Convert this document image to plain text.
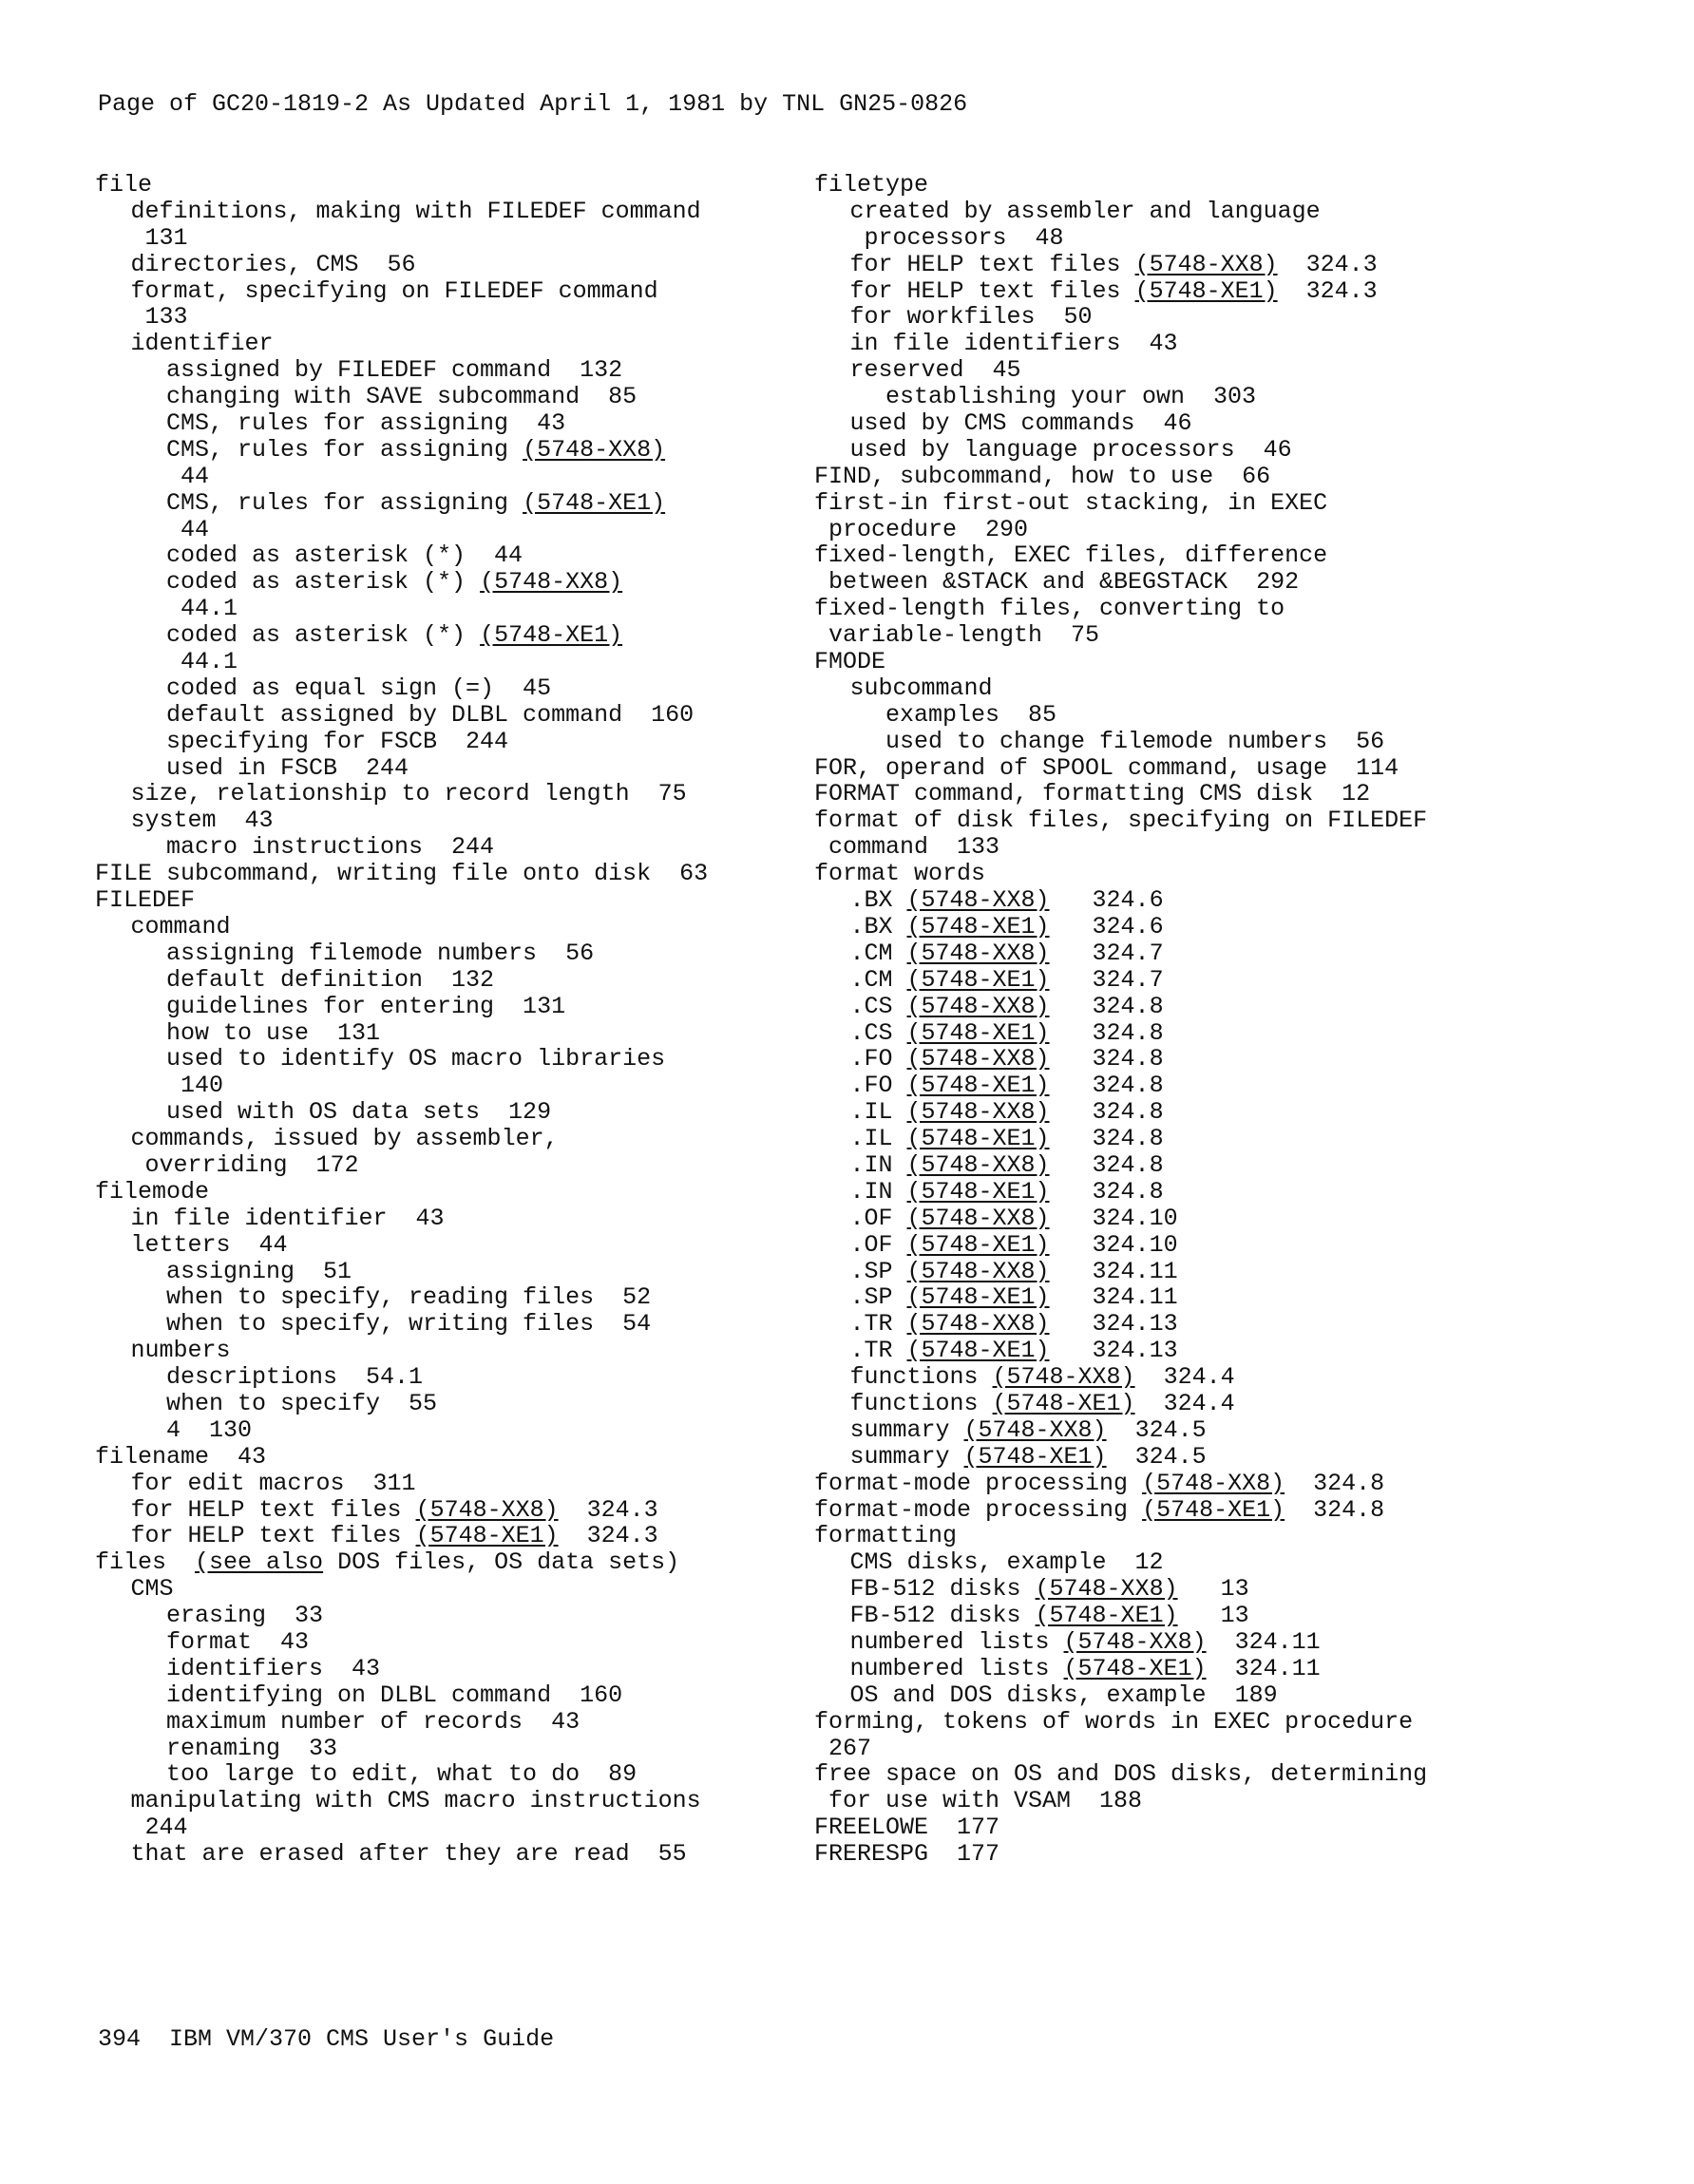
Page of GC20-1819-2 As Updated April 1, 1981 by TNL GN25-0826
file
definitions, making with FILEDEF command
131
directories, CMS  56
format, specifying on FILEDEF command
133
identifier
assigned by FILEDEF command  132
changing with SAVE subcommand  85
CMS, rules for assigning  43
CMS, rules for assigning (5748-XX8)
44
CMS, rules for assigning (5748-XE1)
44
coded as asterisk (*)  44
coded as asterisk (*) (5748-XX8)
44.1
coded as asterisk (*) (5748-XE1)
44.1
coded as equal sign (=)  45
default assigned by DLBL command  160
specifying for FSCB  244
used in FSCB  244
size, relationship to record length  75
system  43
macro instructions  244
FILE subcommand, writing file onto disk  63
FILEDEF
command
assigning filemode numbers  56
default definition  132
guidelines for entering  131
how to use  131
used to identify OS macro libraries
140
used with OS data sets  129
commands, issued by assembler,
overriding  172
filemode
in file identifier  43
letters  44
assigning  51
when to specify, reading files  52
when to specify, writing files  54
numbers
descriptions  54.1
when to specify  55
4  130
filename  43
for edit macros  311
for HELP text files (5748-XX8)  324.3
for HELP text files (5748-XE1)  324.3
files  (see also DOS files, OS data sets)
CMS
erasing  33
format  43
identifiers  43
identifying on DLBL command  160
maximum number of records  43
renaming  33
too large to edit, what to do  89
manipulating with CMS macro instructions
244
that are erased after they are read  55
filetype
created by assembler and language
processors  48
for HELP text files (5748-XX8)  324.3
for HELP text files (5748-XE1)  324.3
for workfiles  50
in file identifiers  43
reserved  45
establishing your own  303
used by CMS commands  46
used by language processors  46
FIND, subcommand, how to use  66
first-in first-out stacking, in EXEC
procedure  290
fixed-length, EXEC files, difference
between &STACK and &BEGSTACK  292
fixed-length files, converting to
variable-length  75
FMODE
subcommand
examples  85
used to change filemode numbers  56
FOR, operand of SPOOL command, usage  114
FORMAT command, formatting CMS disk  12
format of disk files, specifying on FILEDEF
command  133
format words
.BX (5748-XX8)   324.6
.BX (5748-XE1)   324.6
.CM (5748-XX8)   324.7
.CM (5748-XE1)   324.7
.CS (5748-XX8)   324.8
.CS (5748-XE1)   324.8
.FO (5748-XX8)   324.8
.FO (5748-XE1)   324.8
.IL (5748-XX8)   324.8
.IL (5748-XE1)   324.8
.IN (5748-XX8)   324.8
.IN (5748-XE1)   324.8
.OF (5748-XX8)   324.10
.OF (5748-XE1)   324.10
.SP (5748-XX8)   324.11
.SP (5748-XE1)   324.11
.TR (5748-XX8)   324.13
.TR (5748-XE1)   324.13
functions (5748-XX8)  324.4
functions (5748-XE1)  324.4
summary (5748-XX8)  324.5
summary (5748-XE1)  324.5
format-mode processing (5748-XX8)  324.8
format-mode processing (5748-XE1)  324.8
formatting
CMS disks, example  12
FB-512 disks (5748-XX8)   13
FB-512 disks (5748-XE1)   13
numbered lists (5748-XX8)  324.11
numbered lists (5748-XE1)  324.11
OS and DOS disks, example  189
forming, tokens of words in EXEC procedure
267
free space on OS and DOS disks, determining
for use with VSAM  188
FREELOWE  177
FRERESPG  177
394  IBM VM/370 CMS User's Guide
